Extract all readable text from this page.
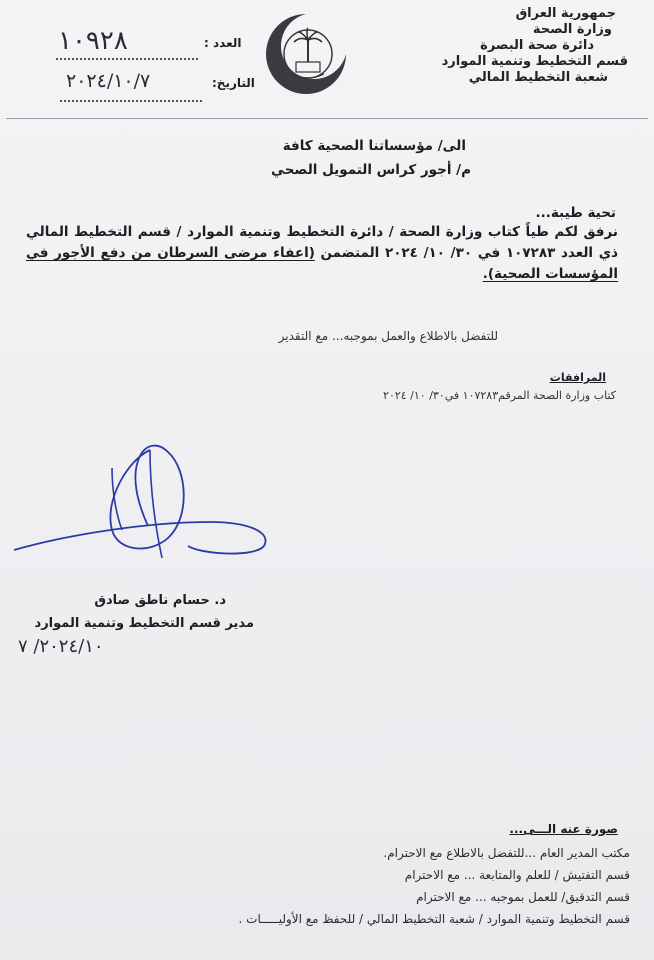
جمهورية العراق
وزارة الصحة
دائرة صحة البصرة
قسم التخطيط وتنمية الموارد
شعبة التخطيط المالي
العدد :
١٠٩٢٨
التاريخ:
٢٠٢٤/١٠/٧
الى/ مؤسساتنا الصحية كافة
م/ أجور كراس التمويل الصحي
تحية طيبة...
نرفق لكم طياً كتاب وزارة الصحة / دائرة التخطيط وتنمية الموارد / قسم التخطيط المالي ذي العدد ١٠٧٢٨٣ في ٣٠/ ١٠/ ٢٠٢٤ المتضمن (اعفاء مرضى السرطان من دفع الأجور في المؤسسات الصحية).
للتفضل بالاطلاع والعمل بموجبه... مع التقدير
المرافقات
كتاب وزارة الصحة المرقم١٠٧٢٨٣ في٣٠/ ١٠/ ٢٠٢٤
د. حسام ناطق صادق
مدير قسم التخطيط وتنمية الموارد
٢٠٢٤/١٠/ ٧
صورة عنه الـــى...
مكتب المدير العام ...للتفضل بالاطلاع مع الاحترام.
قسم التفتيش / للعلم والمتابعة ... مع الاحترام
قسم التدقيق/ للعمل بموجبه ... مع الاحترام
قسم التخطيط وتنمية الموارد / شعبة التخطيط المالي / للحفظ مع الأوليـــــات .
